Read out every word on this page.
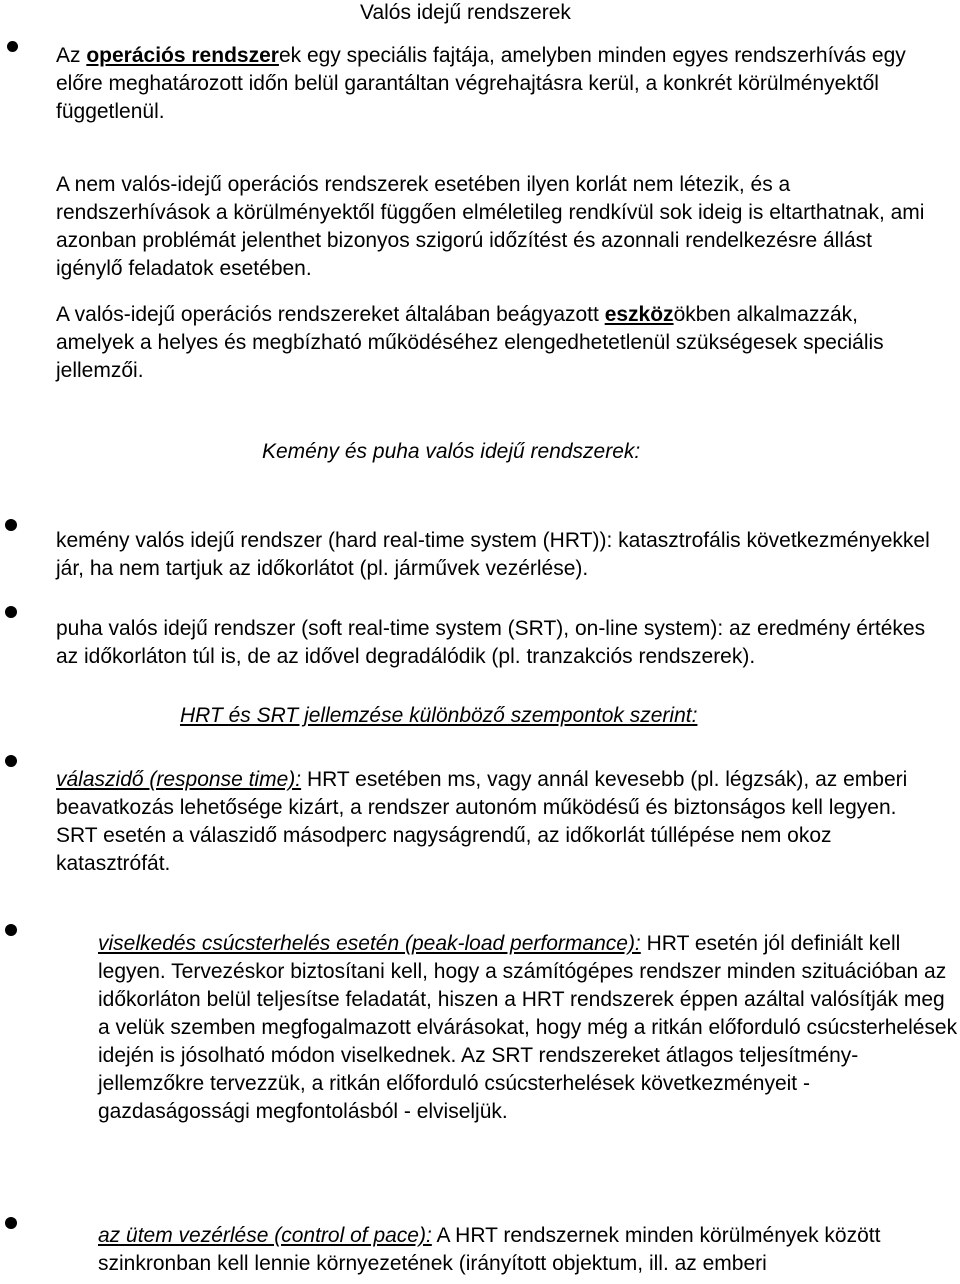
Valós idejű rendszerek

Az operációs rendszerek egy speciális fajtája, amelyben minden egyes rendszerhívás egy előre meghatározott időn belül garantáltan végrehajtásra kerül, a konkrét körülményektől függetlenül.

A nem valós-idejű operációs rendszerek esetében ilyen korlát nem létezik, és a rendszerhívások a körülményektől függően elméletileg rendkívül sok ideig is eltarthatnak, ami azonban problémát jelenthet bizonyos szigorú időzítést és azonnali rendelkezésre állást igénylő feladatok esetében.

A valós-idejű operációs rendszereket általában beágyazott eszközökben alkalmazzák, amelyek a helyes és megbízható működéséhez elengedhetetlenül szükségesek speciális jellemzői.

Kemény és puha valós idejű rendszerek:

kemény valós idejű rendszer (hard real-time system (HRT)): katasztrofális következményekkel jár, ha nem tartjuk az időkorlátot (pl. járművek vezérlése).

puha valós idejű rendszer (soft real-time system (SRT), on-line system): az eredmény értékes az időkorláton túl is, de az idővel degradálódik (pl. tranzakciós rendszerek).

HRT és SRT jellemzése különböző szempontok szerint:

válaszidő (response time): HRT esetében ms, vagy annál kevesebb (pl. légzsák), az emberi beavatkozás lehetősége kizárt, a rendszer autonóm működésű és biztonságos kell legyen. SRT esetén a válaszidő másodperc nagyságrendű, az időkorlát túllépése nem okoz katasztrófát.

viselkedés csúcsterhelés esetén (peak-load performance): HRT esetén jól definiált kell legyen. Tervezéskor biztosítani kell, hogy a számítógépes rendszer minden szituációban az időkorláton belül teljesítse feladatát, hiszen a HRT rendszerek éppen azáltal valósítják meg a velük szemben megfogalmazott elvárásokat, hogy még a ritkán előforduló csúcsterhelések idején is jósolható módon viselkednek. Az SRT rendszereket átlagos teljesítmény-jellemzőkre tervezzük, a ritkán előforduló csúcsterhelések következményeit - gazdaságossági megfontolásból - elviseljük.

az ütem vezérlése (control of pace): A HRT rendszernek minden körülmények között szinkronban kell lennie környezetének (irányított objektum, ill. az emberi
